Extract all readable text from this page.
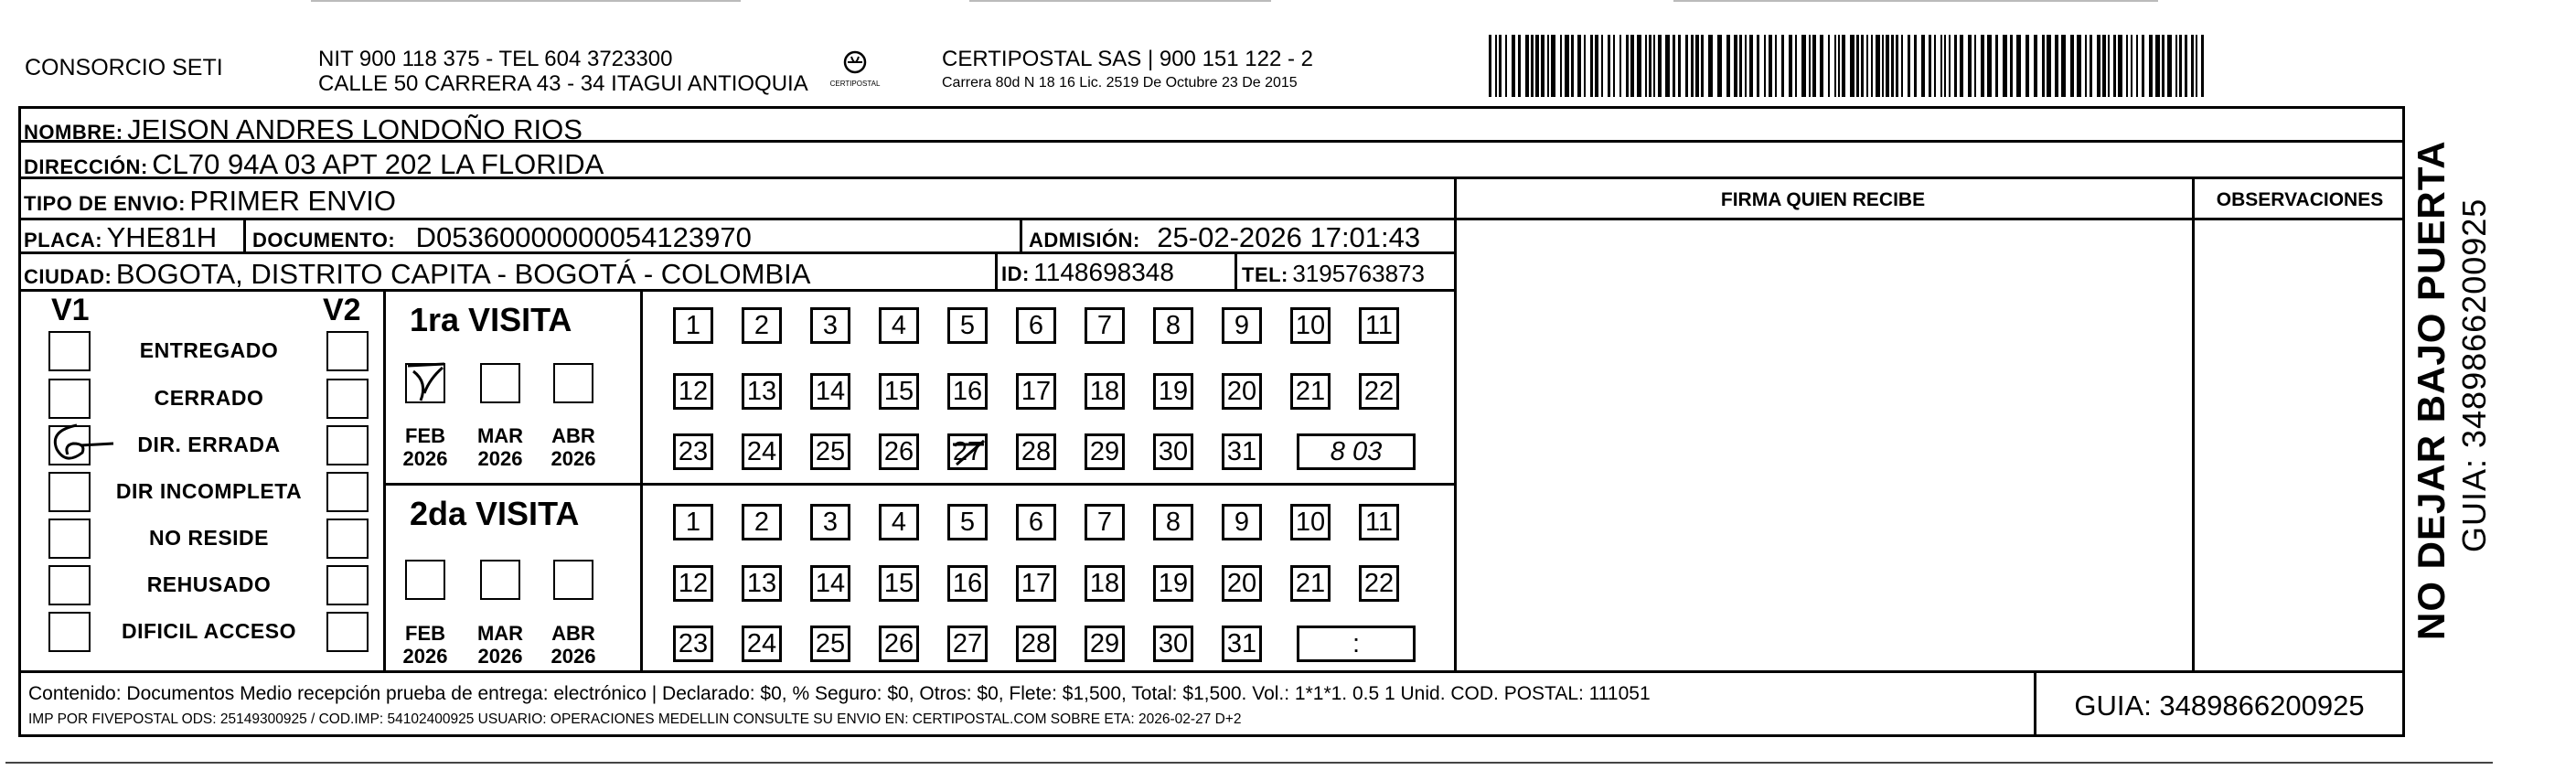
CONSORCIO SETI	NIT 900 118 375 - TEL 604 3723300
CALLE 50 CARRERA 43 - 34 ITAGUI ANTIOQUIA	CERTIPOSTAL
CERTIPOSTAL SAS | 900 151 122 - 2
Carrera 80d N 18 16 Lic. 2519 De Octubre 23 De 2015
NOMBRE: JEISON ANDRES LONDOÑO RIOS
DIRECCIÓN: CL70 94A 03 APT 202 LA FLORIDA
TIPO DE ENVIO: PRIMER ENVIO	FIRMA QUIEN RECIBE	OBSERVACIONES
PLACA: YHE81H DOCUMENTO: D05360000000054123970	ADMISIÓN: 25-02-2026 17:01:43
CIUDAD: BOGOTA, DISTRITO CAPITA - BOGOTÁ - COLOMBIA	ID: 1148698348	TEL: 3195763873
V1	V2
ENTREGADO
CERRADO
DIR. ERRADA
DIR INCOMPLETA
NO RESIDE
REHUSADO
DIFICIL ACCESO
1ra VISITA
2da VISITA
FEB
2026
MAR
2026
ABR
2026
FEB
2026
MAR
2026
ABR
2026
1	2	3	4	5	6	7	8	9	10 11
12 13 14 15 16 17 18 19 20 21 22
23 24 25 26 27 28 29 30 31	8 03
1	2	3	4	5	6	7	8	9	10 11
12 13 14 15 16 17 18 19 20 21 22
23 24 25 26 27 28 29 30 31	:
Contenido: Documentos Medio recepción prueba de entrega: electrónico | Declarado: $0, % Seguro: $0, Otros: $0, Flete: $1,500, Total: $1,500. Vol.: 1*1*1. 0.5 1 Unid. COD. POSTAL: 111051
IMP POR FIVEPOSTAL ODS: 25149300925 / COD.IMP: 54102400925 USUARIO: OPERACIONES MEDELLIN CONSULTE SU ENVIO EN: CERTIPOSTAL.COM SOBRE ETA: 2026-02-27 D+2	GUIA: 3489866200925
NO DEJAR BAJO PUERTA GUIA: 3489866200925
